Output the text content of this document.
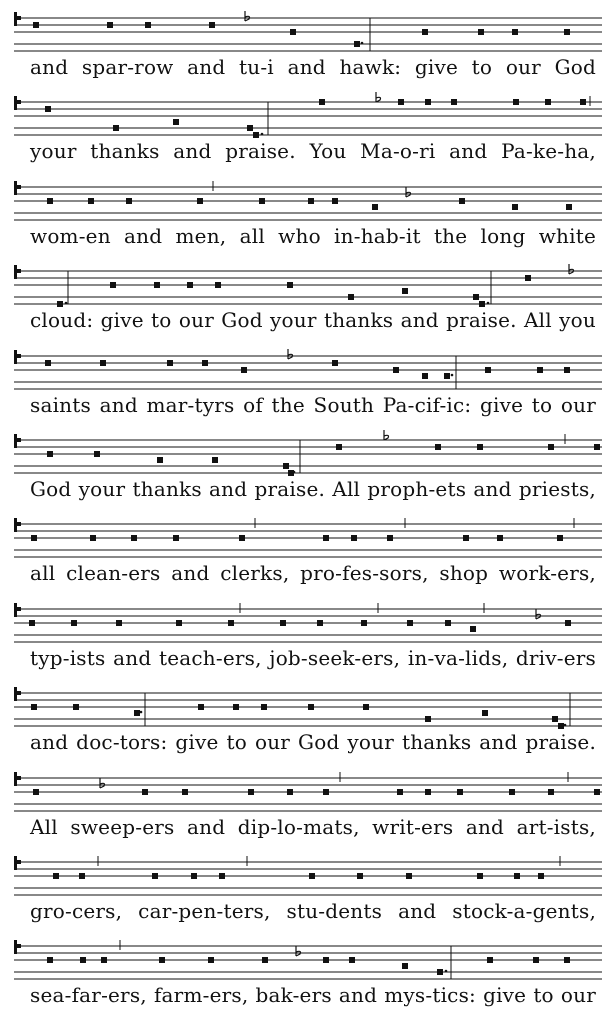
and spar-row and tu-i and hawk: give to our God
your thanks and praise. You Ma-o-ri and Pa-ke-ha,
wom-en and men, all who in-hab-it the long white
cloud: give to our God your thanks and praise. All you
saints and mar-tyrs of the South Pa-cif-ic: give to our
God your thanks and praise. All proph-ets and priests,
all clean-ers and clerks, pro-fes-sors, shop work-ers,
typ-ists and teach-ers, job-seek-ers, in-va-lids, driv-ers
and doc-tors: give to our God your thanks and praise.
All sweep-ers and dip-lo-mats, writ-ers and art-ists,
gro-cers, car-pen-ters, stu-dents and stock-a-gents,
sea-far-ers, farm-ers, bak-ers and mys-tics: give to our
